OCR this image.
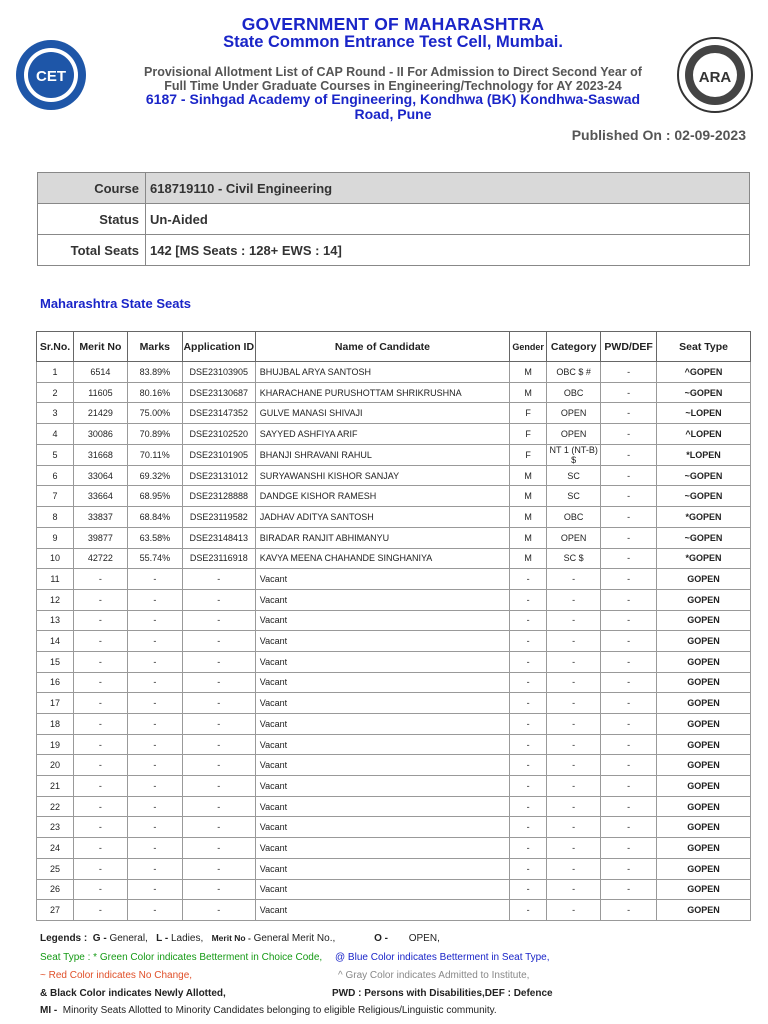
CET
GOVERNMENT OF MAHARASHTRA
State Common Entrance Test Cell, Mumbai.
Provisional Allotment List of CAP Round - II For Admission to Direct Second Year of Full Time Under Graduate Courses in Engineering/Technology for AY 2023-24
6187 - Sinhgad Academy of Engineering, Kondhwa (BK) Kondhwa-Saswad Road, Pune
Published On : 02-09-2023
ARA
Course	618719110 - Civil Engineering
Status	Un-Aided
Total Seats	142 [MS Seats : 128+ EWS : 14]
Maharashtra State Seats
Sr.No.	Merit No	Marks	Application ID	Name of Candidate	Gender	Category	PWD/DEF	Seat Type
1	6514	83.89%	DSE23103905	BHUJBAL ARYA SANTOSH	M	OBC $ #	-	^GOPEN
2	11605	80.16%	DSE23130687	KHARACHANE PURUSHOTTAM SHRIKRUSHNA	M	OBC	-	~GOPEN
3	21429	75.00%	DSE23147352	GULVE MANASI SHIVAJI	F	OPEN	-	~LOPEN
4	30086	70.89%	DSE23102520	SAYYED ASHFIYA ARIF	F	OPEN	-	^LOPEN
5	31668	70.11%	DSE23101905	BHANJI SHRAVANI RAHUL	F	NT 1 (NT-B) $	-	*LOPEN
6	33064	69.32%	DSE23131012	SURYAWANSHI KISHOR SANJAY	M	SC	-	~GOPEN
7	33664	68.95%	DSE23128888	DANDGE KISHOR RAMESH	M	SC	-	~GOPEN
8	33837	68.84%	DSE23119582	JADHAV ADITYA SANTOSH	M	OBC	-	*GOPEN
9	39877	63.58%	DSE23148413	BIRADAR RANJIT ABHIMANYU	M	OPEN	-	~GOPEN
10	42722	55.74%	DSE23116918	KAVYA MEENA CHAHANDE SINGHANIYA	M	SC $	-	*GOPEN
11	-	-	-	Vacant	-	-	-	GOPEN
12	-	-	-	Vacant	-	-	-	GOPEN
13	-	-	-	Vacant	-	-	-	GOPEN
14	-	-	-	Vacant	-	-	-	GOPEN
15	-	-	-	Vacant	-	-	-	GOPEN
16	-	-	-	Vacant	-	-	-	GOPEN
17	-	-	-	Vacant	-	-	-	GOPEN
18	-	-	-	Vacant	-	-	-	GOPEN
19	-	-	-	Vacant	-	-	-	GOPEN
20	-	-	-	Vacant	-	-	-	GOPEN
21	-	-	-	Vacant	-	-	-	GOPEN
22	-	-	-	Vacant	-	-	-	GOPEN
23	-	-	-	Vacant	-	-	-	GOPEN
24	-	-	-	Vacant	-	-	-	GOPEN
25	-	-	-	Vacant	-	-	-	GOPEN
26	-	-	-	Vacant	-	-	-	GOPEN
27	-	-	-	Vacant	-	-	-	GOPEN
Legends : G - General, L - Ladies, Merit No - General Merit No.,	O - OPEN,
Seat Type : * Green Color indicates Betterment in Choice Code, @ Blue Color indicates Betterment in Seat Type,
~ Red Color indicates No Change,	^ Gray Color indicates Admitted to Institute,
& Black Color indicates Newly Allotted,	PWD : Persons with Disabilities,DEF : Defence
MI - Minority Seats Allotted to Minority Candidates belonging to eligible Religious/Linguistic community.
